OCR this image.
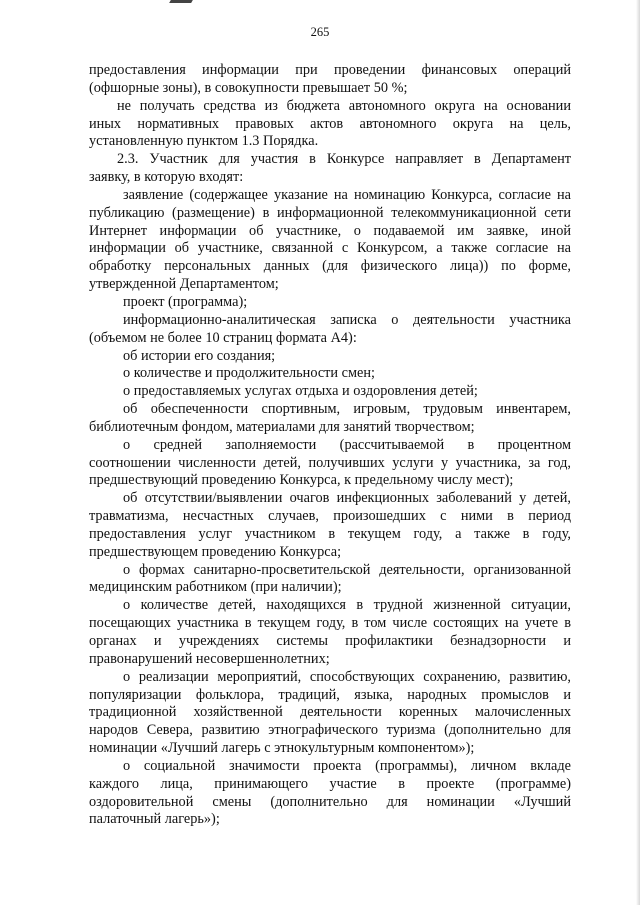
265
предоставления информации при проведении финансовых операций
(офшорные зоны), в совокупности превышает 50 %;
не получать средства из бюджета автономного округа на основании
иных нормативных правовых актов автономного округа на цель,
установленную пунктом 1.3 Порядка.
2.3. Участник для участия в Конкурсе направляет в Департамент
заявку, в которую входят:
заявление (содержащее указание на номинацию Конкурса, согласие на
публикацию (размещение) в информационной телекоммуникационной сети
Интернет информации об участнике, о подаваемой им заявке, иной
информации об участнике, связанной с Конкурсом, а также согласие на
обработку персональных данных (для физического лица)) по форме,
утвержденной Департаментом;
проект (программа);
информационно-аналитическая записка о деятельности участника
(объемом не более 10 страниц формата А4):
об истории его создания;
о количестве и продолжительности смен;
о предоставляемых услугах отдыха и оздоровления детей;
об обеспеченности спортивным, игровым, трудовым инвентарем,
библиотечным фондом, материалами для занятий творчеством;
о средней заполняемости (рассчитываемой в процентном
соотношении численности детей, получивших услуги у участника, за год,
предшествующий проведению Конкурса, к предельному числу мест);
об отсутствии/выявлении очагов инфекционных заболеваний у детей,
травматизма, несчастных случаев, произошедших с ними в период
предоставления услуг участником в текущем году, а также в году,
предшествующем проведению Конкурса;
о формах санитарно-просветительской деятельности, организованной
медицинским работником (при наличии);
о количестве детей, находящихся в трудной жизненной ситуации,
посещающих участника в текущем году, в том числе состоящих на учете в
органах и учреждениях системы профилактики безнадзорности и
правонарушений несовершеннолетних;
о реализации мероприятий, способствующих сохранению, развитию,
популяризации фольклора, традиций, языка, народных промыслов и
традиционной хозяйственной деятельности коренных малочисленных
народов Севера, развитию этнографического туризма (дополнительно для
номинации «Лучший лагерь с этнокультурным компонентом»);
о социальной значимости проекта (программы), личном вкладе
каждого лица, принимающего участие в проекте (программе)
оздоровительной смены (дополнительно для номинации «Лучший
палаточный лагерь»);
